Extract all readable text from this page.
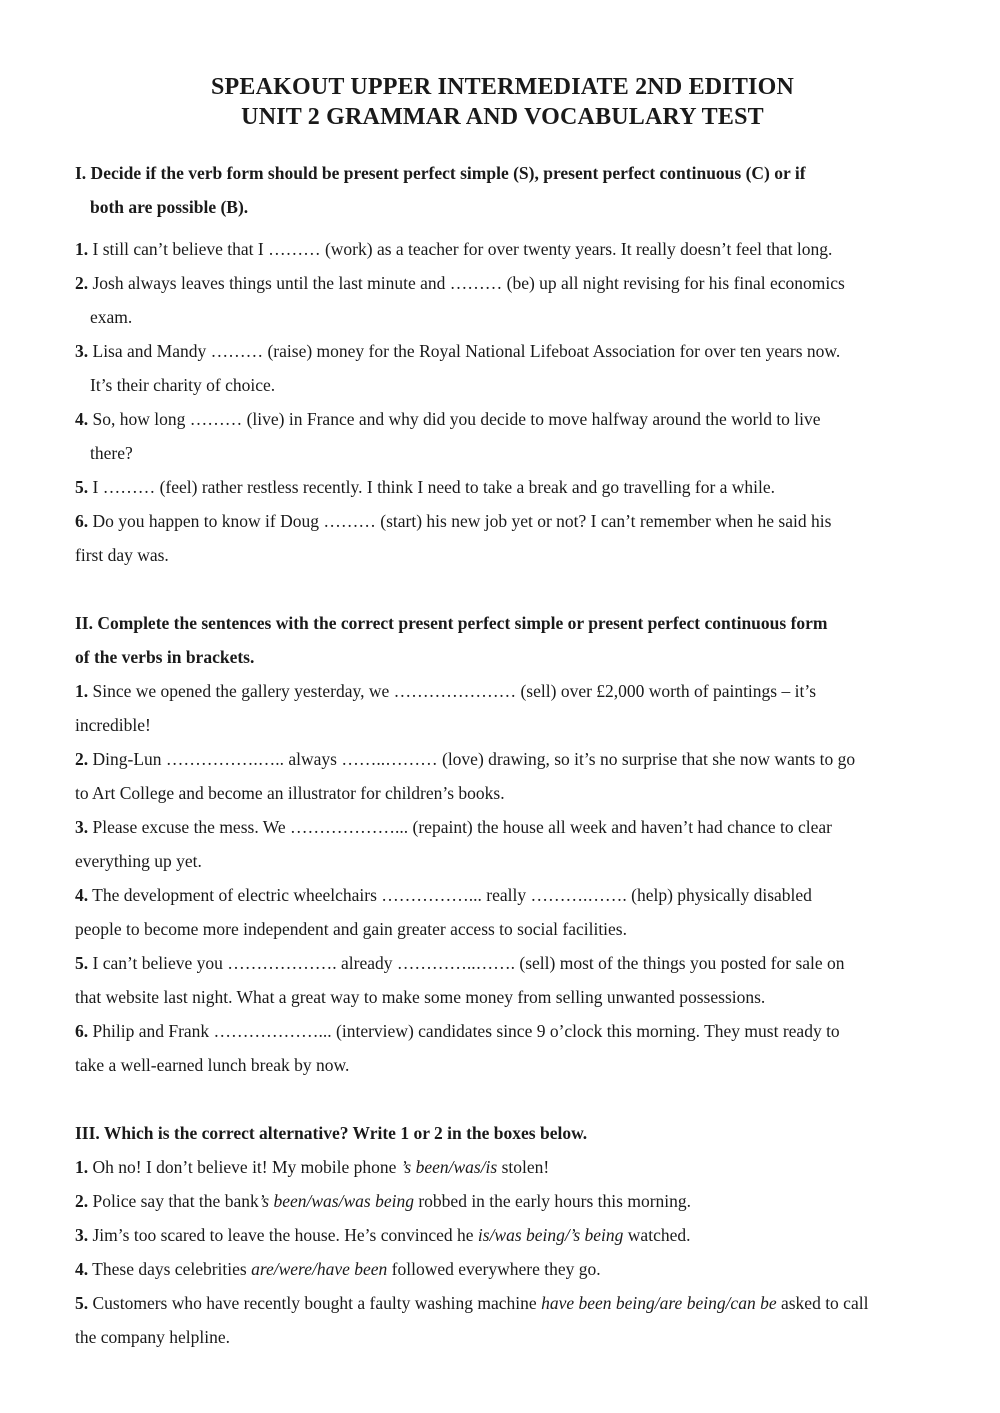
SPEAKOUT UPPER INTERMEDIATE 2ND EDITION
UNIT 2 GRAMMAR AND VOCABULARY TEST
I. Decide if the verb form should be present perfect simple (S), present perfect continuous (C) or if
both are possible (B).
1. I still can’t believe that I ……… (work) as a teacher for over twenty years. It really doesn’t feel that long.
2. Josh always leaves things until the last minute and ……… (be) up all night revising for his final economics
exam.
3. Lisa and Mandy ……… (raise) money for the Royal National Lifeboat Association for over ten years now.
It’s their charity of choice.
4. So, how long ……… (live) in France and why did you decide to move halfway around the world to live
there?
5. I ……… (feel) rather restless recently. I think I need to take a break and go travelling for a while.
6. Do you happen to know if Doug ……… (start) his new job yet or not? I can’t remember when he said his
first day was.
II. Complete the sentences with the correct present perfect simple or present perfect continuous form
of the verbs in brackets.
1. Since we opened the gallery yesterday, we ………………… (sell) over £2,000 worth of paintings – it’s
incredible!
2. Ding-Lun …………….….. always ……..……… (love) drawing, so it’s no surprise that she now wants to go
to Art College and become an illustrator for children’s books.
3. Please excuse the mess. We ………………... (repaint) the house all week and haven’t had chance to clear
everything up yet.
4. The development of electric wheelchairs ……………... really ……….……. (help) physically disabled
people to become more independent and gain greater access to social facilities.
5. I can’t believe you ………………. already …………..……. (sell) most of the things you posted for sale on
that website last night. What a great way to make some money from selling unwanted possessions.
6. Philip and Frank ………………... (interview) candidates since 9 o’clock this morning. They must ready to
take a well-earned lunch break by now.
III. Which is the correct alternative? Write 1 or 2 in the boxes below.
1. Oh no! I don’t believe it! My mobile phone ’s been/was/is stolen!
2. Police say that the bank’s been/was/was being robbed in the early hours this morning.
3. Jim’s too scared to leave the house. He’s convinced he is/was being/’s being watched.
4. These days celebrities are/were/have been followed everywhere they go.
5. Customers who have recently bought a faulty washing machine have been being/are being/can be asked to call
the company helpline.
